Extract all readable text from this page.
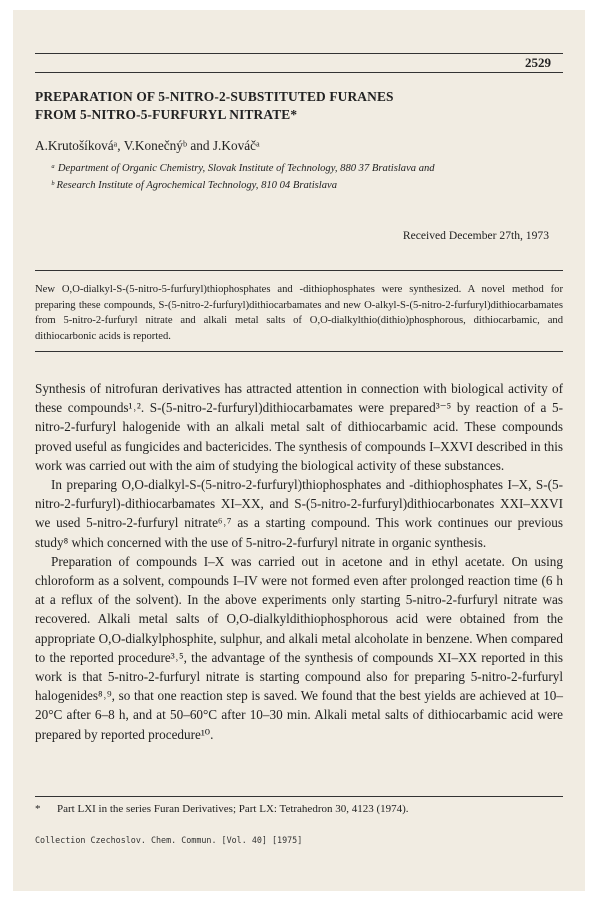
2529
PREPARATION OF 5-NITRO-2-SUBSTITUTED FURANES
FROM 5-NITRO-5-FURFURYL NITRATE*
A.Krutošíkováᵃ, V.Konečnýᵇ and J.Kováčᵃ
ᵃ Department of Organic Chemistry, Slovak Institute of Technology, 880 37 Bratislava and
ᵇ Research Institute of Agrochemical Technology, 810 04 Bratislava
Received December 27th, 1973
New O,O-dialkyl-S-(5-nitro-5-furfuryl)thiophosphates and -dithiophosphates were synthesized. A novel method for preparing these compounds, S-(5-nitro-2-furfuryl)dithiocarbamates and new O-alkyl-S-(5-nitro-2-furfuryl)dithiocarbamates from 5-nitro-2-furfuryl nitrate and alkali metal salts of O,O-dialkylthio(dithio)phosphorous, dithiocarbamic, and dithiocarbonic acids is reported.

Synthesis of nitrofuran derivatives has attracted attention in connection with biological activity of these compounds¹˒². S-(5-nitro-2-furfuryl)dithiocarbamates were prepared³⁻⁵ by reaction of a 5-nitro-2-furfuryl halogenide with an alkali metal salt of dithiocarbamic acid. These compounds proved useful as fungicides and bactericides. The synthesis of compounds I–XXVI described in this work was carried out with the aim of studying the biological activity of these substances.

In preparing O,O-dialkyl-S-(5-nitro-2-furfuryl)thiophosphates and -dithiophosphates I–X, S-(5-nitro-2-furfuryl)-dithiocarbamates XI–XX, and S-(5-nitro-2-furfuryl)dithiocarbonates XXI–XXVI we used 5-nitro-2-furfuryl nitrate⁶˒⁷ as a starting compound. This work continues our previous study⁸ which concerned with the use of 5-nitro-2-furfuryl nitrate in organic synthesis.

Preparation of compounds I–X was carried out in acetone and in ethyl acetate. On using chloroform as a solvent, compounds I–IV were not formed even after prolonged reaction time (6 h at a reflux of the solvent). In the above experiments only starting 5-nitro-2-furfuryl nitrate was recovered. Alkali metal salts of O,O-dialkyldithiophosphorous acid were obtained from the appropriate O,O-dialkylphosphite, sulphur, and alkali metal alcoholate in benzene. When compared to the reported procedure³˒⁵, the advantage of the synthesis of compounds XI–XX reported in this work is that 5-nitro-2-furfuryl nitrate is starting compound also for preparing 5-nitro-2-furfuryl halogenides⁸˒⁹, so that one reaction step is saved. We found that the best yields are achieved at 10–20°C after 6–8 h, and at 50–60°C after 10–30 min. Alkali metal salts of dithiocarbamic acid were prepared by reported procedure¹⁰.

*      Part LXI in the series Furan Derivatives; Part LX: Tetrahedron 30, 4123 (1974).
Collection Czechoslov. Chem. Commun. [Vol. 40] [1975]
